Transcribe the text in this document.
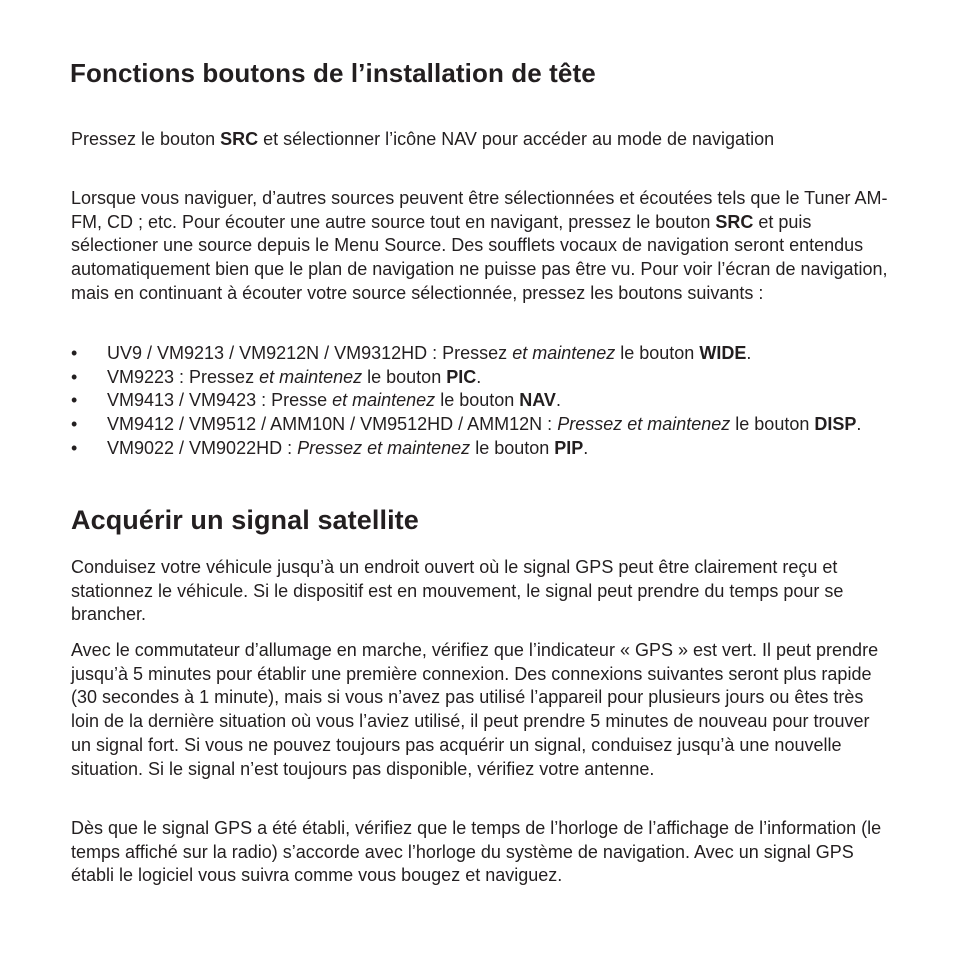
Fonctions boutons de l’installation de tête

Pressez le bouton SRC et sélectionner l’icône NAV pour accéder au mode de navigation

Lorsque vous naviguer, d’autres sources peuvent être sélectionnées et écoutées tels que le Tuner AM-FM, CD ; etc. Pour écouter une autre source tout en navigant, pressez le bouton SRC et puis sélectioner une source depuis le Menu Source. Des soufflets vocaux de navigation seront entendus automatiquement bien que le plan de navigation ne puisse pas être vu. Pour voir l’écran de navigation, mais en continuant à écouter votre source sélectionnée, pressez les boutons suivants :

• UV9 / VM9213 / VM9212N / VM9312HD : Pressez et maintenez le bouton WIDE.
• VM9223 : Pressez et maintenez le bouton PIC.
• VM9413 / VM9423 : Presse et maintenez le bouton NAV.
• VM9412 / VM9512 / AMM10N / VM9512HD / AMM12N : Pressez et maintenez le bouton DISP.
• VM9022 / VM9022HD : Pressez et maintenez le bouton PIP.
Acquérir un signal satellite

Conduisez votre véhicule jusqu’à un endroit ouvert où le signal GPS peut être clairement reçu et stationnez le véhicule. Si le dispositif est en mouvement, le signal peut prendre du temps pour se brancher.

Avec le commutateur d’allumage en marche, vérifiez que l’indicateur « GPS » est vert. Il peut prendre jusqu’à 5 minutes pour établir une première connexion. Des connexions suivantes seront plus rapide (30 secondes à 1 minute), mais si vous n’avez pas utilisé l’appareil pour plusieurs jours ou êtes très loin de la dernière situation où vous l’aviez utilisé, il peut prendre 5 minutes de nouveau pour trouver un signal fort. Si vous ne pouvez toujours pas acquérir un signal, conduisez jusqu’à une nouvelle situation. Si le signal n’est toujours pas disponible, vérifiez votre antenne.

Dès que le signal GPS a été établi, vérifiez que le temps de l’horloge de l’affichage de l’information (le temps affiché sur la radio) s’accorde avec l’horloge du système de navigation. Avec un signal GPS établi le logiciel vous suivra comme vous bougez et naviguez.
